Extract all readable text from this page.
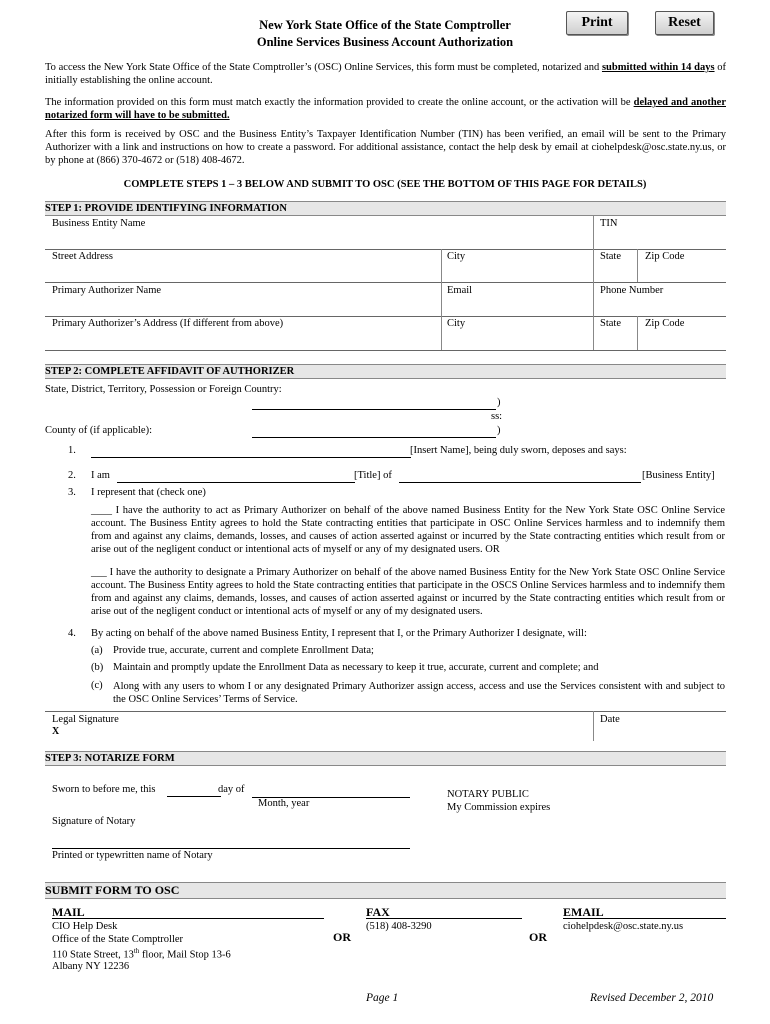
New York State Office of the State Comptroller
Online Services Business Account Authorization
Print	Reset
To access the New York State Office of the State Comptroller’s (OSC) Online Services, this form must be completed, notarized and submitted within 14 days of initially establishing the online account.
The information provided on this form must match exactly the information provided to create the online account, or the activation will be delayed and another notarized form will have to be submitted.
After this form is received by OSC and the Business Entity’s Taxpayer Identification Number (TIN) has been verified, an email will be sent to the Primary Authorizer with a link and instructions on how to create a password. For additional assistance, contact the help desk by email at ciohelpdesk@osc.state.ny.us, or by phone at (866) 370-4672 or (518) 408-4672.
COMPLETE STEPS 1 – 3 BELOW AND SUBMIT TO OSC (SEE THE BOTTOM OF THIS PAGE FOR DETAILS)
STEP 1: PROVIDE IDENTIFYING INFORMATION
Business Entity Name	TIN
Street Address	City	State Zip Code
Primary Authorizer Name	Email	Phone Number
Primary Authorizer’s Address (If different from above)	City	State Zip Code
STEP 2: COMPLETE AFFIDAVIT OF AUTHORIZER
State, District, Territory, Possession or Foreign Country:
)
ss:
County of (if applicable):	)
1.	[Insert Name], being duly sworn, deposes and says:
2. I am	[Title] of	[Business Entity]
3. I represent that (check one)
____ I have the authority to act as Primary Authorizer on behalf of the above named Business Entity for the New York State OSC Online Service account. The Business Entity agrees to hold the State contracting entities that participate in OSC Online Services harmless and to indemnify them from and against any claims, demands, losses, and causes of action asserted against or incurred by the State contracting entities which result from or arise out of the negligent conduct or intentional acts of myself or any of my designated users. OR
___ I have the authority to designate a Primary Authorizer on behalf of the above named Business Entity for the New York State OSC Online Service account. The Business Entity agrees to hold the State contracting entities that participate in the OSCS Online Services harmless and to indemnify them from and against any claims, demands, losses, and causes of action asserted against or incurred by the State contracting entities which result from or arise out of the negligent conduct or intentional acts of myself or any of my designated users.
4. By acting on behalf of the above named Business Entity, I represent that I, or the Primary Authorizer I designate, will:
(a) Provide true, accurate, current and complete Enrollment Data;
(b) Maintain and promptly update the Enrollment Data as necessary to keep it true, accurate, current and complete; and
(c) Along with any users to whom I or any designated Primary Authorizer assign access, access and use the Services consistent with and subject to the OSC Online Services’ Terms of Service.
Legal Signature
X
Date
STEP 3: NOTARIZE FORM
Sworn to before me, this	day of
Month, year
NOTARY PUBLIC
My Commission expires
Signature of Notary
Printed or typewritten name of Notary
SUBMIT FORM TO OSC
MAIL
CIO Help Desk
Office of the State Comptroller
110 State Street, 13th floor, Mail Stop 13-6
Albany NY 12236
OR
FAX
(518) 408-3290
OR
EMAIL
ciohelpdesk@osc.state.ny.us
Page 1	Revised December 2, 2010
